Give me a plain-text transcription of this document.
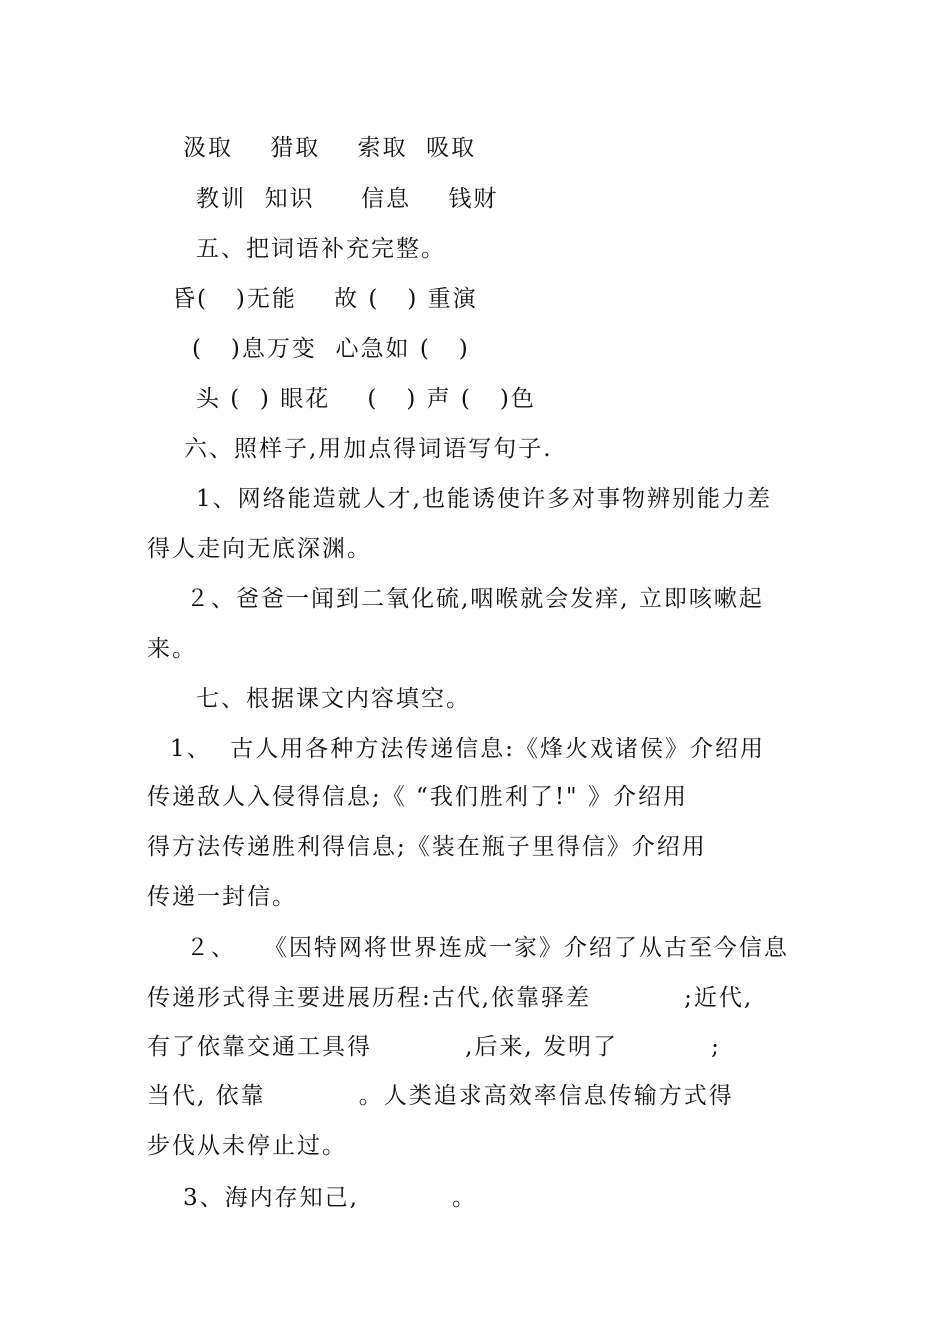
汲取    猎取    索取  吸取
教训  知识     信息    钱财
五、把词语补充完整。
昏(   )无能    故 (   ) 重演
(   )息万变  心急如 (   )
头 (  ) 眼花    (   ) 声 (   )色
六、照样子,用加点得词语写句子.
1、网络能造就人才,也能诱使许多对事物辨别能力差
得人走向无底深渊。
２、爸爸一闻到二氧化硫,咽喉就会发痒, 立即咳嗽起
来。
七、根据课文内容填空。
1、  古人用各种方法传递信息:《烽火戏诸侯》介绍用
传递敌人入侵得信息;《 “我们胜利了!" 》介绍用
得方法传递胜利得信息;《装在瓶子里得信》介绍用
传递一封信。
２、   《因特网将世界连成一家》介绍了从古至今信息
传递形式得主要进展历程:古代,依靠驿差          ;近代,
有了依靠交通工具得          ,后来, 发明了          ;
当代, 依靠          。人类追求高效率信息传输方式得
步伐从未停止过。
3、海内存知己,          。
